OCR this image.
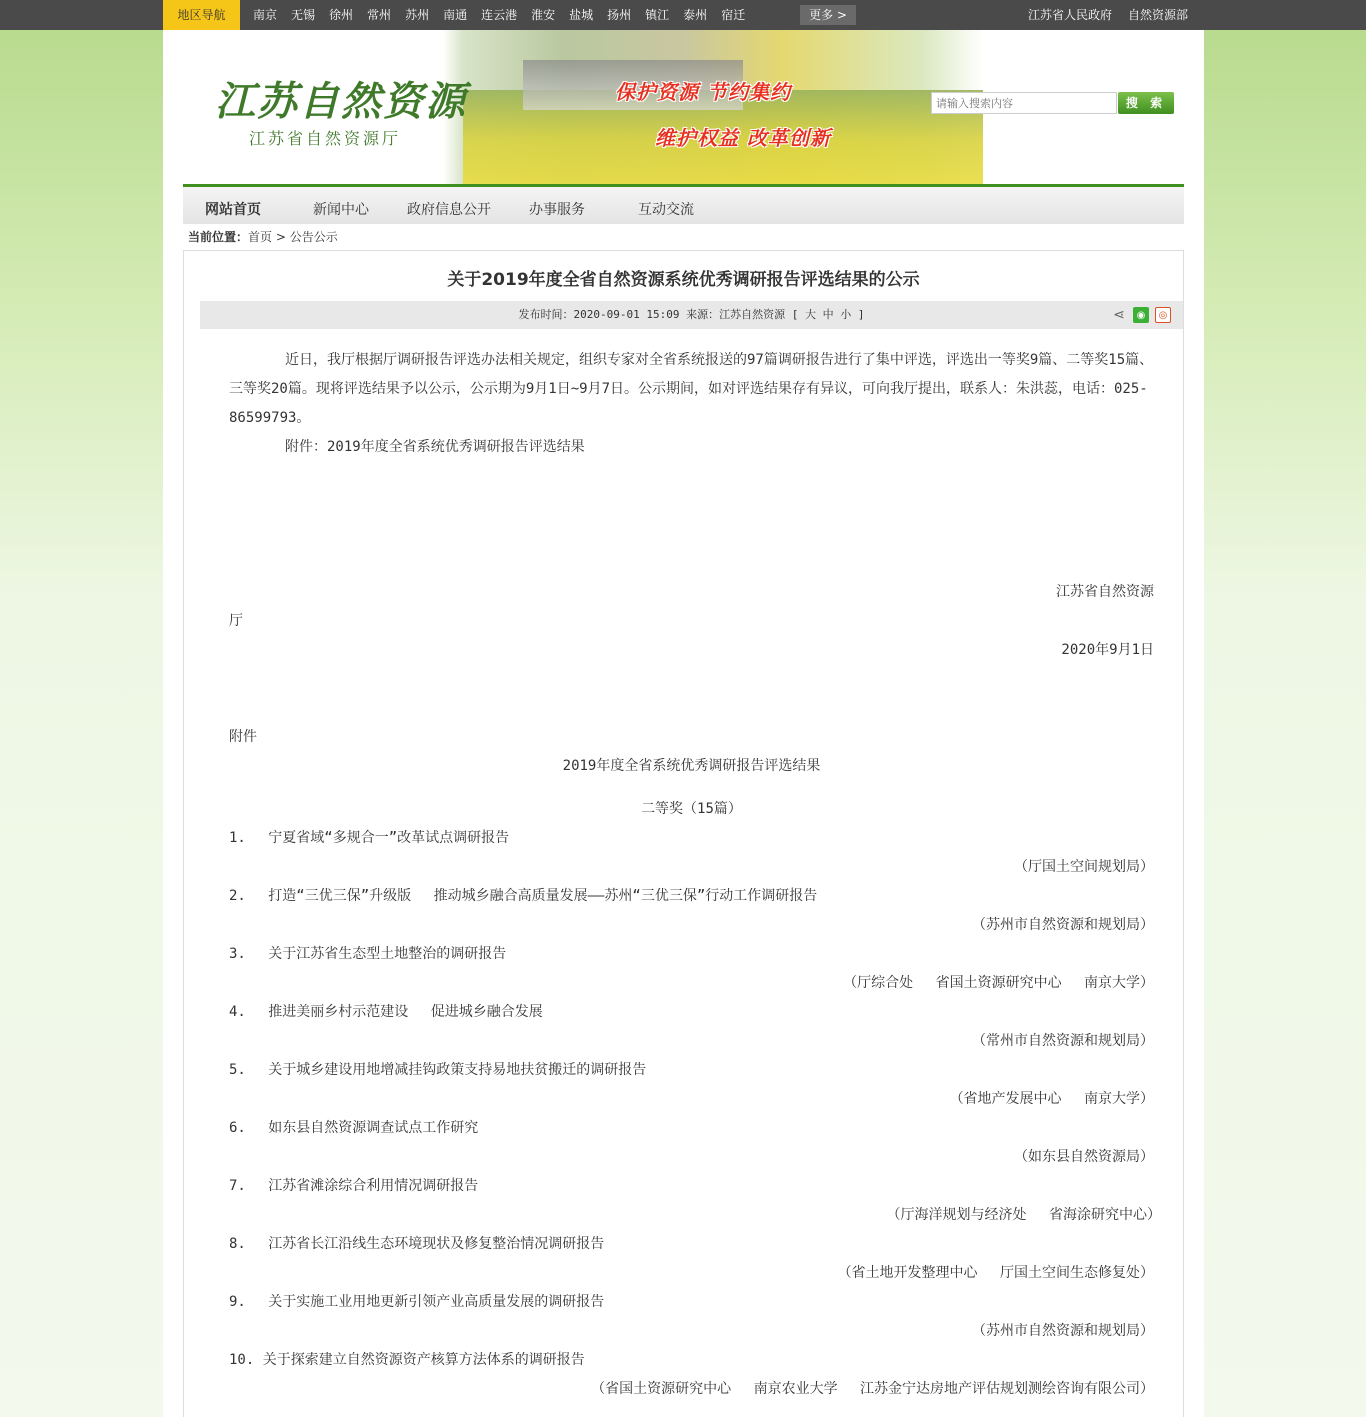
地区导航	南京 无锡 徐州 常州 苏州 南通 连云港 淮安 盐城 扬州 镇江 泰州 宿迁	更多 >	江苏省人民政府 自然资源部
江苏自然资源
江苏省自然资源厅
保护资源 节约集约
维护权益 改革创新
请输入搜索内容
搜 索
网站首页	新闻中心	政府信息公开	办事服务	互动交流
当前位置：首页 > 公告公示
关于2019年度全省自然资源系统优秀调研报告评选结果的公示
发布时间：2020-09-01 15:09 来源：江苏自然资源 [ 大 中 小 ]	⋖	◉	◎

近日，我厅根据厅调研报告评选办法相关规定，组织专家对全省系统报送的97篇调研报告进行了集中评选，评选出一等奖9篇、二等奖15篇、三等奖20篇。现将评选结果予以公示，公示期为9月1日~9月7日。公示期间，如对评选结果存有异议，可向我厅提出，联系人：朱洪蕊，电话：025-86599793。

附件：2019年度全省系统优秀调研报告评选结果

江苏省自然资源

厅

2020年9月1日

附件

2019年度全省系统优秀调研报告评选结果

二等奖（15篇）

1.　 宁夏省域“多规合一”改革试点调研报告

（厅国土空间规划局）

2.　 打造“三优三保”升级版　 推动城乡融合高质量发展——苏州“三优三保”行动工作调研报告

（苏州市自然资源和规划局）

3.　 关于江苏省生态型土地整治的调研报告

（厅综合处　 省国土资源研究中心　 南京大学）

4.　 推进美丽乡村示范建设　 促进城乡融合发展

（常州市自然资源和规划局）

5.　 关于城乡建设用地增减挂钩政策支持易地扶贫搬迁的调研报告

（省地产发展中心　 南京大学）

6.　 如东县自然资源调查试点工作研究

（如东县自然资源局）

7.　 江苏省滩涂综合利用情况调研报告

（厅海洋规划与经济处　 省海涂研究中心）　

8.　 江苏省长江沿线生态环境现状及修复整治情况调研报告

（省土地开发整理中心　 厅国土空间生态修复处）

9.　 关于实施工业用地更新引领产业高质量发展的调研报告

（苏州市自然资源和规划局）

10. 关于探索建立自然资源资产核算方法体系的调研报告

（省国土资源研究中心　 南京农业大学　 江苏金宁达房地产评估规划测绘咨询有限公司）
